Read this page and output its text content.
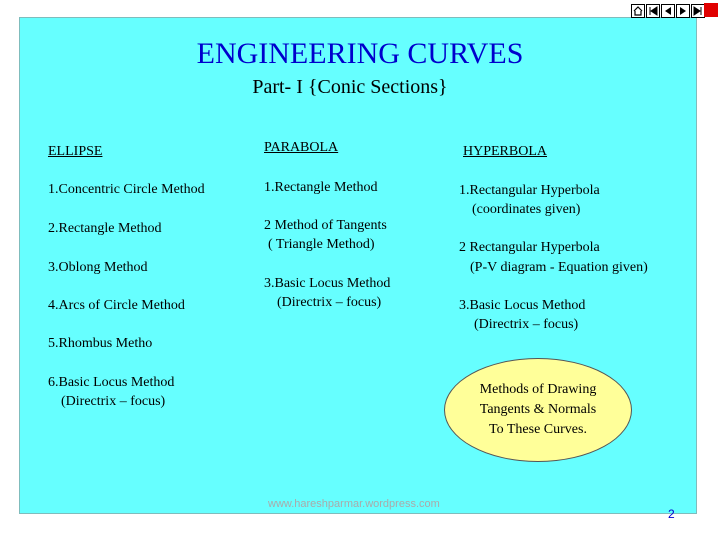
ENGINEERING CURVES
Part- I {Conic Sections}
ELLIPSE	PARABOLA	HYPERBOLA
1.Concentric Circle Method
2.Rectangle Method
3.Oblong Method
4.Arcs of Circle Method
5.Rhombus Metho
6.Basic Locus Method
(Directrix – focus)
1.Rectangle Method
2 Method of Tangents
( Triangle Method)
3.Basic Locus Method
(Directrix – focus)
1.Rectangular Hyperbola
(coordinates given)
2 Rectangular Hyperbola
(P-V diagram - Equation given)
3.Basic Locus Method
(Directrix – focus)
Methods of Drawing
Tangents & Normals
To These Curves.
www.hareshparmar.wordpress.com
2
